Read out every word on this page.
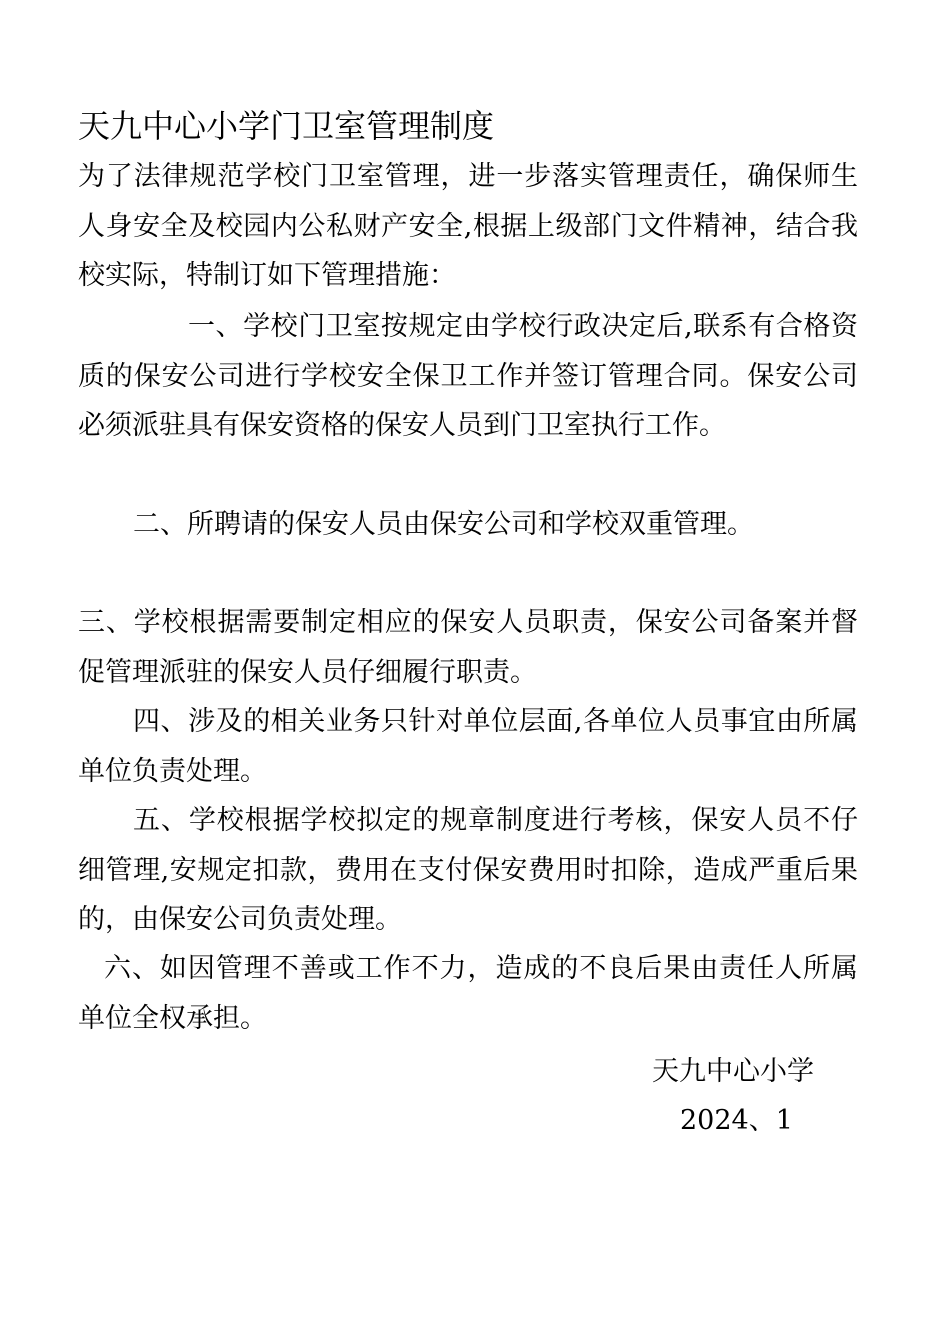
天九中心小学门卫室管理制度

为了法律规范学校门卫室管理，进一步落实管理责任，确保师生人身安全及校园内公私财产安全,根据上级部门文件精神，结合我校实际，特制订如下管理措施：

一、学校门卫室按规定由学校行政决定后,联系有合格资质的保安公司进行学校安全保卫工作并签订管理合同。保安公司必须派驻具有保安资格的保安人员到门卫室执行工作。

二、所聘请的保安人员由保安公司和学校双重管理。

三、学校根据需要制定相应的保安人员职责，保安公司备案并督促管理派驻的保安人员仔细履行职责。

四、涉及的相关业务只针对单位层面,各单位人员事宜由所属单位负责处理。

五、学校根据学校拟定的规章制度进行考核，保安人员不仔细管理,安规定扣款，费用在支付保安费用时扣除，造成严重后果的，由保安公司负责处理。

六、如因管理不善或工作不力，造成的不良后果由责任人所属单位全权承担。

天九中心小学

2024、1
